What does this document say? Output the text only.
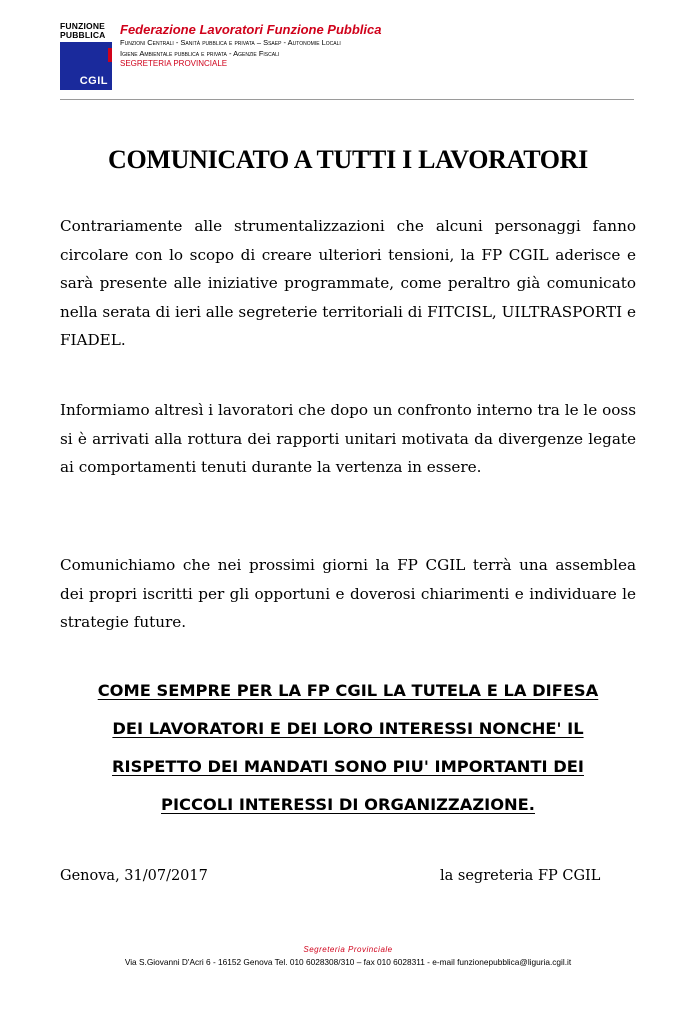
FUNZIONE
PUBBLICA
CGIL
Federazione Lavoratori Funzione Pubblica
Funzioni Centrali - Sanità pubblica e privata – Ssaep - Autonomie Locali
Igiene Ambientale pubblica e privata - Agenzie Fiscali
SEGRETERIA PROVINCIALE
COMUNICATO A TUTTI I LAVORATORI
Contrariamente alle strumentalizzazioni che alcuni personaggi fanno circolare con lo scopo di creare ulteriori tensioni, la FP CGIL aderisce e sarà presente alle iniziative programmate, come peraltro già comunicato nella serata di ieri alle segreterie territoriali di FITCISL, UILTRASPORTI e FIADEL.
Informiamo altresì i lavoratori che dopo un confronto interno tra le le ooss si è arrivati alla rottura dei rapporti unitari motivata da divergenze legate ai comportamenti tenuti durante la vertenza in essere.
Comunichiamo che nei prossimi giorni la FP CGIL terrà una assemblea dei propri iscritti per gli opportuni e doverosi chiarimenti e individuare le strategie future.
COME SEMPRE PER LA FP CGIL LA TUTELA E LA DIFESA
DEI LAVORATORI E DEI LORO INTERESSI NONCHE' IL
RISPETTO DEI MANDATI SONO PIU' IMPORTANTI DEI
PICCOLI INTERESSI DI ORGANIZZAZIONE.
Genova, 31/07/2017	la segreteria FP CGIL
Segreteria Provinciale
Via S.Giovanni D'Acri 6 - 16152 Genova Tel. 010 6028308/310 – fax 010 6028311 - e-mail funzionepubblica@liguria.cgil.it
